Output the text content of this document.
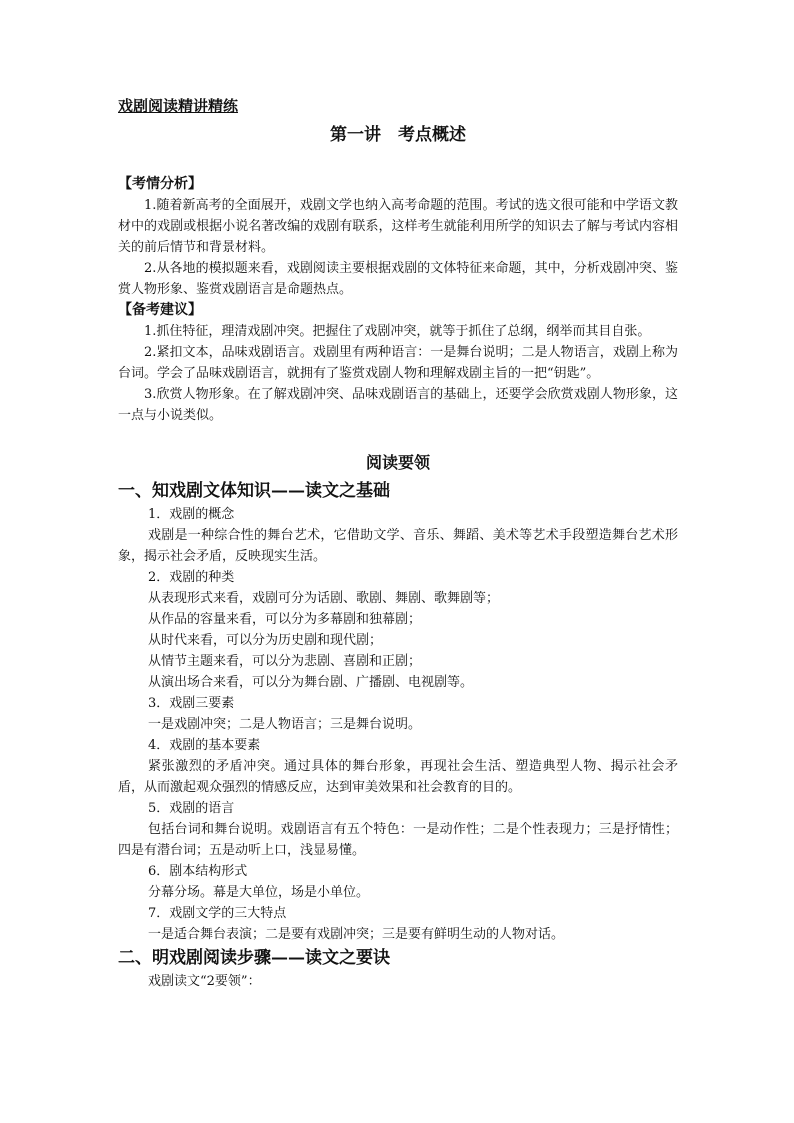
戏剧阅读精讲精练

第一讲　考点概述

【考情分析】

1.随着新高考的全面展开，戏剧文学也纳入高考命题的范围。考试的选文很可能和中学语文教材中的戏剧或根据小说名著改编的戏剧有联系，这样考生就能利用所学的知识去了解与考试内容相关的前后情节和背景材料。

2.从各地的模拟题来看，戏剧阅读主要根据戏剧的文体特征来命题，其中，分析戏剧冲突、鉴赏人物形象、鉴赏戏剧语言是命题热点。

【备考建议】

1.抓住特征，理清戏剧冲突。把握住了戏剧冲突，就等于抓住了总纲，纲举而其目自张。

2.紧扣文本，品味戏剧语言。戏剧里有两种语言：一是舞台说明；二是人物语言，戏剧上称为台词。学会了品味戏剧语言，就拥有了鉴赏戏剧人物和理解戏剧主旨的一把“钥匙”。

3.欣赏人物形象。在了解戏剧冲突、品味戏剧语言的基础上，还要学会欣赏戏剧人物形象，这一点与小说类似。

阅读要领

一、知戏剧文体知识——读文之基础

1．戏剧的概念

戏剧是一种综合性的舞台艺术，它借助文学、音乐、舞蹈、美术等艺术手段塑造舞台艺术形象，揭示社会矛盾，反映现实生活。

2．戏剧的种类

从表现形式来看，戏剧可分为话剧、歌剧、舞剧、歌舞剧等；

从作品的容量来看，可以分为多幕剧和独幕剧；

从时代来看，可以分为历史剧和现代剧；

从情节主题来看，可以分为悲剧、喜剧和正剧；

从演出场合来看，可以分为舞台剧、广播剧、电视剧等。

3．戏剧三要素

一是戏剧冲突；二是人物语言；三是舞台说明。

4．戏剧的基本要素

紧张激烈的矛盾冲突。通过具体的舞台形象，再现社会生活、塑造典型人物、揭示社会矛盾，从而激起观众强烈的情感反应，达到审美效果和社会教育的目的。

5．戏剧的语言

包括台词和舞台说明。戏剧语言有五个特色：一是动作性；二是个性表现力；三是抒情性；四是有潜台词；五是动听上口，浅显易懂。

6．剧本结构形式

分幕分场。幕是大单位，场是小单位。

7．戏剧文学的三大特点

一是适合舞台表演；二是要有戏剧冲突；三是要有鲜明生动的人物对话。

二、明戏剧阅读步骤——读文之要诀

戏剧读文“2要领”：
